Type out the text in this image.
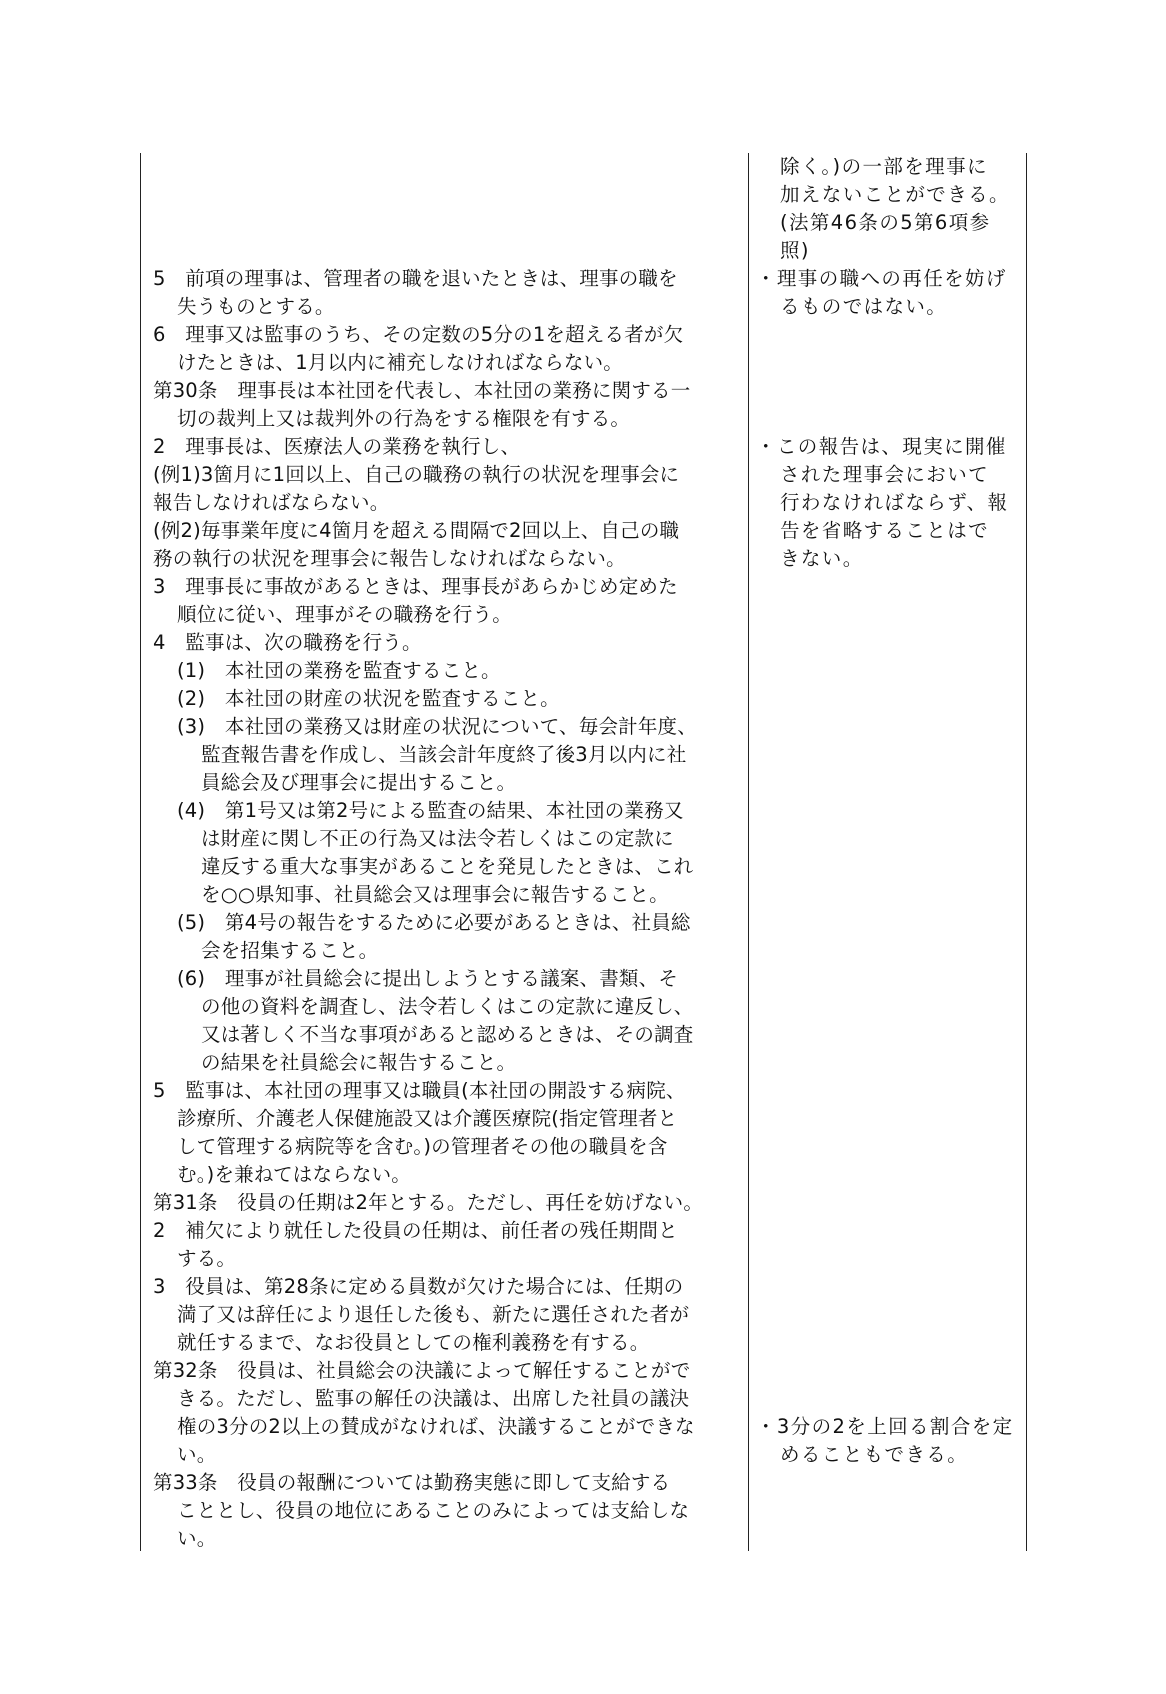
5　前項の理事は、管理者の職を退いたときは、理事の職を
失うものとする。
6　理事又は監事のうち、その定数の5分の1を超える者が欠
けたときは、1月以内に補充しなければならない。
第30条　理事長は本社団を代表し、本社団の業務に関する一
切の裁判上又は裁判外の行為をする権限を有する。
2　理事長は、医療法人の業務を執行し、
(例1)3箇月に1回以上、自己の職務の執行の状況を理事会に
報告しなければならない。
(例2)毎事業年度に4箇月を超える間隔で2回以上、自己の職
務の執行の状況を理事会に報告しなければならない。
3　理事長に事故があるときは、理事長があらかじめ定めた
順位に従い、理事がその職務を行う。
4　監事は、次の職務を行う。
(1)　本社団の業務を監査すること。
(2)　本社団の財産の状況を監査すること。
(3)　本社団の業務又は財産の状況について、毎会計年度、
監査報告書を作成し、当該会計年度終了後3月以内に社
員総会及び理事会に提出すること。
(4)　第1号又は第2号による監査の結果、本社団の業務又
は財産に関し不正の行為又は法令若しくはこの定款に
違反する重大な事実があることを発見したときは、これ
を○○県知事、社員総会又は理事会に報告すること。
(5)　第4号の報告をするために必要があるときは、社員総
会を招集すること。
(6)　理事が社員総会に提出しようとする議案、書類、そ
の他の資料を調査し、法令若しくはこの定款に違反し、
又は著しく不当な事項があると認めるときは、その調査
の結果を社員総会に報告すること。
5　監事は、本社団の理事又は職員(本社団の開設する病院、
診療所、介護老人保健施設又は介護医療院(指定管理者と
して管理する病院等を含む。)の管理者その他の職員を含
む。)を兼ねてはならない。
第31条　役員の任期は2年とする。ただし、再任を妨げない。
2　補欠により就任した役員の任期は、前任者の残任期間と
する。
3　役員は、第28条に定める員数が欠けた場合には、任期の
満了又は辞任により退任した後も、新たに選任された者が
就任するまで、なお役員としての権利義務を有する。
第32条　役員は、社員総会の決議によって解任することがで
きる。ただし、監事の解任の決議は、出席した社員の議決
権の3分の2以上の賛成がなければ、決議することができな
い。
第33条　役員の報酬については勤務実態に即して支給する
こととし、役員の地位にあることのみによっては支給しな
い。
除く。)の一部を理事に
加えないことができる。
(法第46条の5第6項参
照)
・理事の職への再任を妨げ
るものではない。
・この報告は、現実に開催
された理事会において
行わなければならず、報
告を省略することはで
きない。
・3分の2を上回る割合を定
めることもできる。
